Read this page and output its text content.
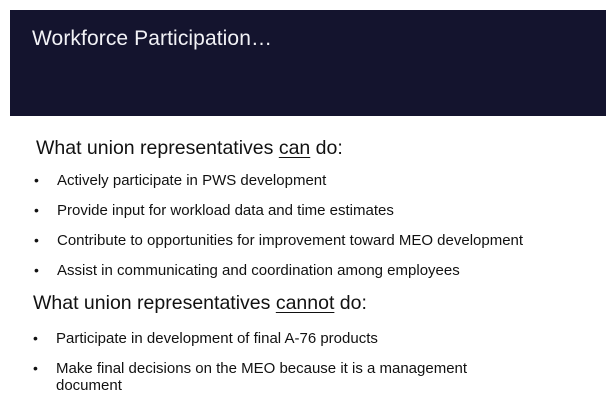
Workforce Participation…
What union representatives can do:
• Actively participate in PWS development
• Provide input for workload data and time estimates
• Contribute to opportunities for improvement toward MEO development
• Assist in communicating and coordination among employees
What union representatives cannot do:
• Participate in development of final A-76 products
• Make final decisions on the MEO because it is a management document
